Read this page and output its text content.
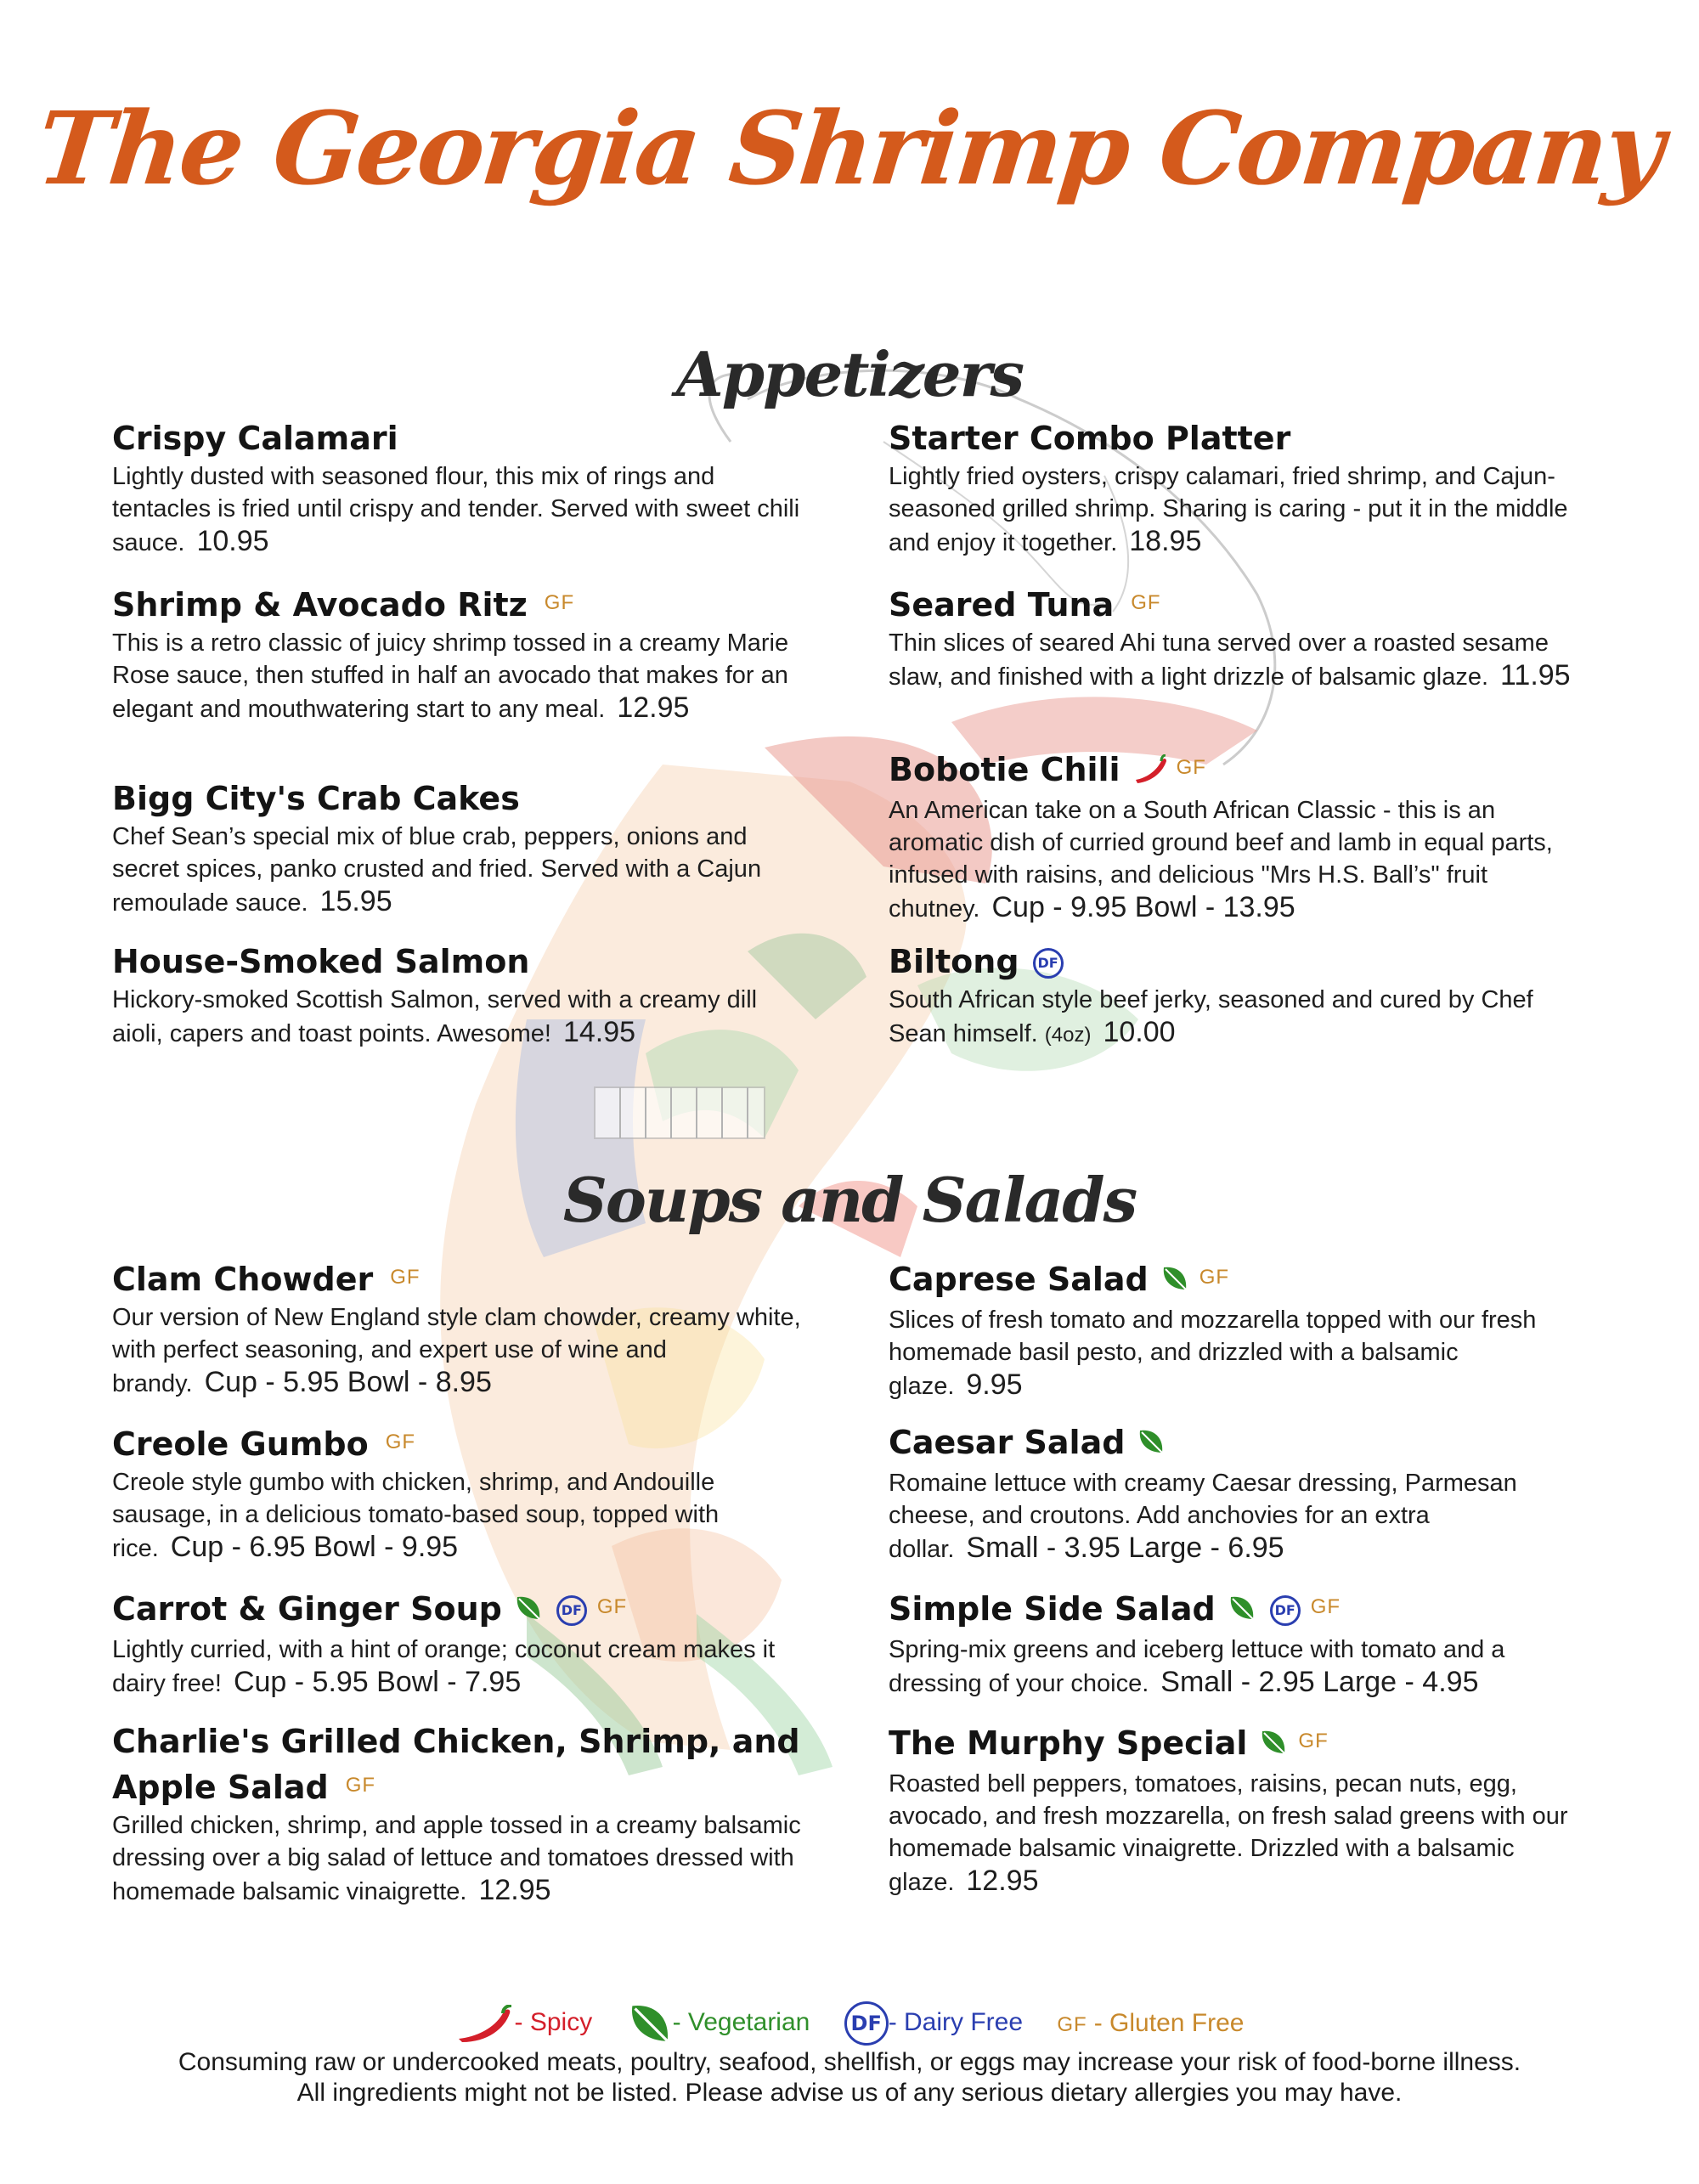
The Georgia Shrimp Company
Appetizers
Crispy Calamari

Lightly dusted with seasoned flour, this mix of rings and tentacles is fried until crispy and tender. Served with sweet chili sauce. 10.95

Shrimp & Avocado Ritz GF

This is a retro classic of juicy shrimp tossed in a creamy Marie Rose sauce, then stuffed in half an avocado that makes for an elegant and mouthwatering start to any meal. 12.95

Bigg City's Crab Cakes

Chef Sean’s special mix of blue crab, peppers, onions and secret spices, panko crusted and fried. Served with a Cajun remoulade sauce. 15.95

House-Smoked Salmon

Hickory-smoked Scottish Salmon, served with a creamy dill aioli, capers and toast points. Awesome! 14.95

Starter Combo Platter

Lightly fried oysters, crispy calamari, fried shrimp, and Cajun-seasoned grilled shrimp. Sharing is caring - put it in the middle and enjoy it together. 18.95

Seared Tuna GF

Thin slices of seared Ahi tuna served over a roasted sesame slaw, and finished with a light drizzle of balsamic glaze. 11.95

Bobotie Chili	GF

An American take on a South African Classic - this is an aromatic dish of curried ground beef and lamb in equal parts, infused with raisins, and delicious "Mrs H.S. Ball’s" fruit chutney. Cup - 9.95 Bowl - 13.95

Biltong DF

South African style beef jerky, seasoned and cured by Chef Sean himself. (4oz) 10.00

Soups and Salads
Clam Chowder GF

Our version of New England style clam chowder, creamy white, with perfect seasoning, and expert use of wine and brandy. Cup - 5.95 Bowl - 8.95

Creole Gumbo GF

Creole style gumbo with chicken, shrimp, and Andouille sausage, in a delicious tomato-based soup, topped with rice. Cup - 6.95 Bowl - 9.95

Carrot & Ginger Soup	DF GF

Lightly curried, with a hint of orange; coconut cream makes it dairy free! Cup - 5.95 Bowl - 7.95

Charlie's Grilled Chicken, Shrimp, and Apple Salad GF

Grilled chicken, shrimp, and apple tossed in a creamy balsamic dressing over a big salad of lettuce and tomatoes dressed with homemade balsamic vinaigrette. 12.95

Caprese Salad	GF

Slices of fresh tomato and mozzarella topped with our fresh homemade basil pesto, and drizzled with a balsamic glaze. 9.95

Caesar Salad

Romaine lettuce with creamy Caesar dressing, Parmesan cheese, and croutons. Add anchovies for an extra dollar. Small - 3.95 Large - 6.95

Simple Side Salad	DF GF

Spring-mix greens and iceberg lettuce with tomato and a dressing of your choice. Small - 2.95 Large - 4.95

The Murphy Special	GF

Roasted bell peppers, tomatoes, raisins, pecan nuts, egg, avocado, and fresh mozzarella, on fresh salad greens with our homemade balsamic vinaigrette. Drizzled with a balsamic glaze. 12.95

- Spicy	- Vegetarian DF - Dairy Free GF - Gluten Free
Consuming raw or undercooked meats, poultry, seafood, shellfish, or eggs may increase your risk of food-borne illness.
All ingredients might not be listed. Please advise us of any serious dietary allergies you may have.
